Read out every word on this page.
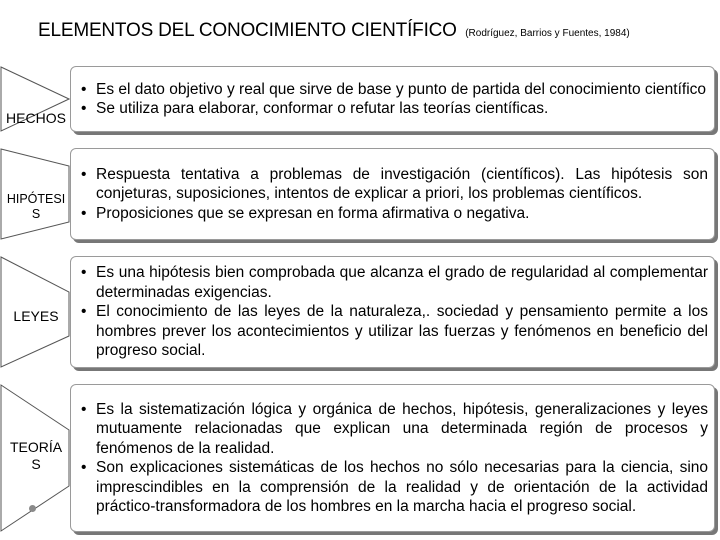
ELEMENTOS DEL CONOCIMIENTO CIENTÍFICO (Rodríguez, Barrios y Fuentes, 1984)
HECHOS
• Es el dato objetivo y real que sirve de base y punto de partida del conocimiento científico
• Se utiliza para elaborar, conformar o refutar las teorías científicas.
HIPÓTESI S
• Respuesta tentativa a problemas de investigación (científicos). Las hipótesis son conjeturas, suposiciones, intentos de explicar a priori, los problemas científicos.
• Proposiciones que se expresan en forma afirmativa o negativa.
LEYES
• Es una hipótesis bien comprobada que alcanza el grado de regularidad al complementar determinadas exigencias.
• El conocimiento de las leyes de la naturaleza,. sociedad y pensamiento permite a los hombres prever los acontecimientos y utilizar las fuerzas y fenómenos en beneficio del progreso social.
TEORÍA S
• Es la sistematización lógica y orgánica de hechos, hipótesis, generalizaciones y leyes mutuamente relacionadas que explican una determinada región de procesos y fenómenos de la realidad.
• Son explicaciones sistemáticas de los hechos no sólo necesarias para la ciencia, sino imprescindibles en la comprensión de la realidad y de orientación de la actividad práctico-transformadora de los hombres en la marcha hacia el progreso social.
